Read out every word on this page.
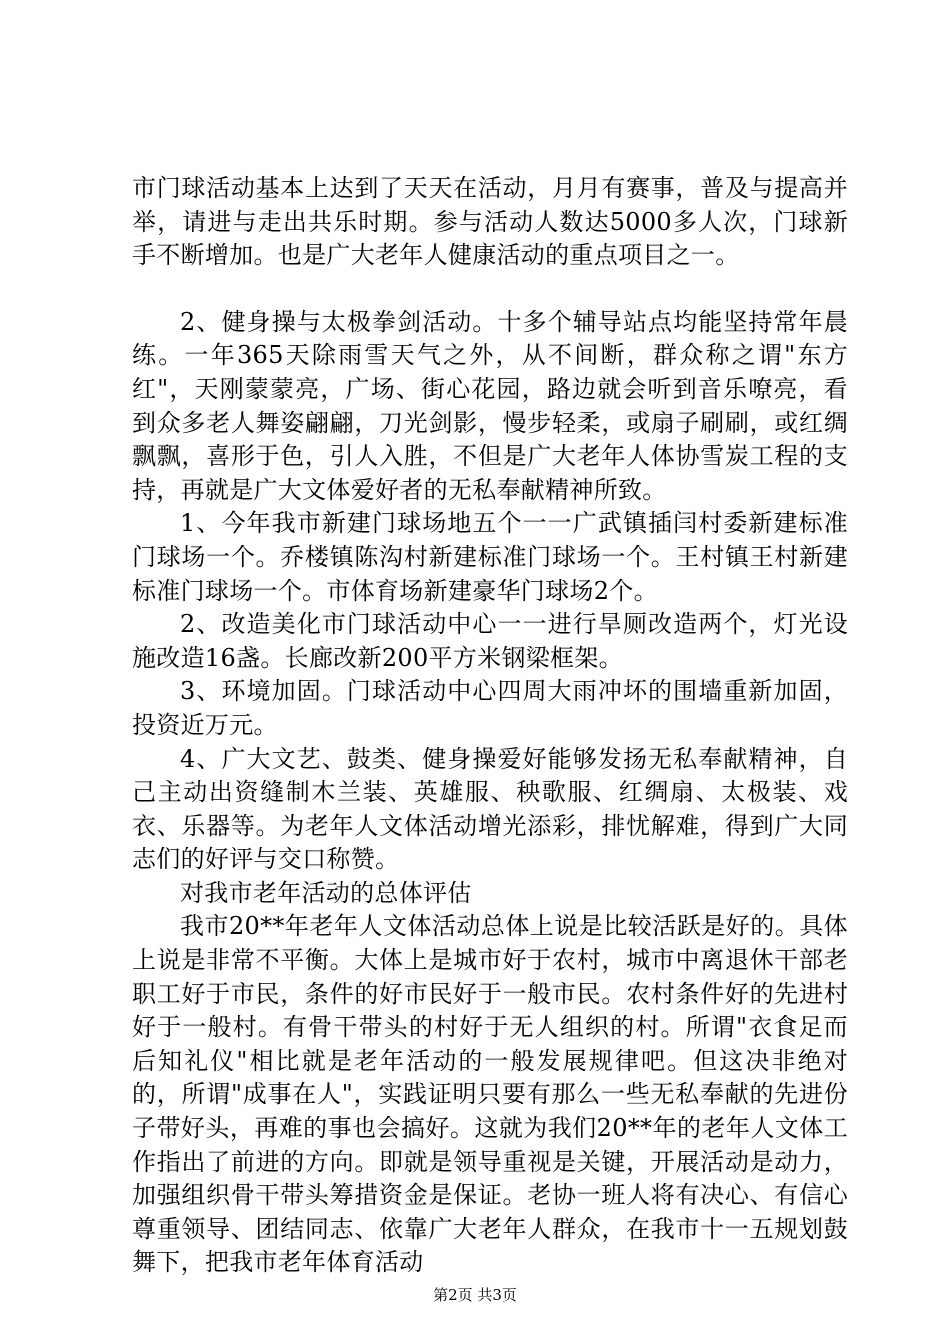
市门球活动基本上达到了天天在活动，月月有赛事，普及与提高并举，请进与走出共乐时期。参与活动人数达5000多人次，门球新手不断增加。也是广大老年人健康活动的重点项目之一。

2、健身操与太极拳剑活动。十多个辅导站点均能坚持常年晨练。一年365天除雨雪天气之外，从不间断，群众称之谓"东方红"，天刚蒙蒙亮，广场、街心花园，路边就会听到音乐嘹亮，看到众多老人舞姿翩翩，刀光剑影，慢步轻柔，或扇子刷刷，或红绸飘飘，喜形于色，引人入胜，不但是广大老年人体协雪炭工程的支持，再就是广大文体爱好者的无私奉献精神所致。

1、今年我市新建门球场地五个一一广武镇插闫村委新建标准门球场一个。乔楼镇陈沟村新建标准门球场一个。王村镇王村新建标准门球场一个。市体育场新建豪华门球场2个。

2、改造美化市门球活动中心一一进行旱厕改造两个，灯光设施改造16盏。长廊改新200平方米钢梁框架。

3、环境加固。门球活动中心四周大雨冲坏的围墙重新加固，投资近万元。

4、广大文艺、鼓类、健身操爱好能够发扬无私奉献精神，自己主动出资缝制木兰装、英雄服、秧歌服、红绸扇、太极装、戏衣、乐器等。为老年人文体活动增光添彩，排忧解难，得到广大同志们的好评与交口称赞。

对我市老年活动的总体评估

我市20**年老年人文体活动总体上说是比较活跃是好的。具体上说是非常不平衡。大体上是城市好于农村，城市中离退休干部老职工好于市民，条件的好市民好于一般市民。农村条件好的先进村好于一般村。有骨干带头的村好于无人组织的村。所谓"衣食足而后知礼仪"相比就是老年活动的一般发展规律吧。但这决非绝对的，所谓"成事在人"，实践证明只要有那么一些无私奉献的先进份子带好头，再难的事也会搞好。这就为我们20**年的老年人文体工作指出了前进的方向。即就是领导重视是关键，开展活动是动力，加强组织骨干带头筹措资金是保证。老协一班人将有决心、有信心尊重领导、团结同志、依靠广大老年人群众，在我市十一五规划鼓舞下，把我市老年体育活动

第2页 共3页
